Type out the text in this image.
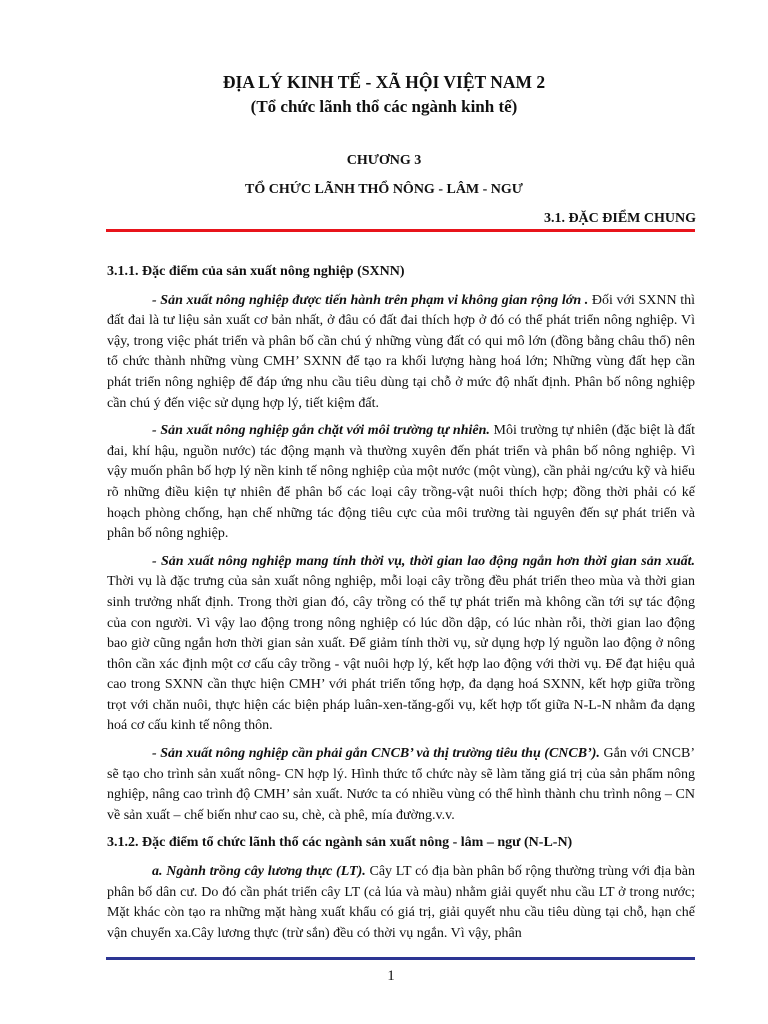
ĐỊA LÝ KINH TẾ - XÃ HỘI VIỆT NAM 2
(Tổ chức lãnh thổ các ngành kinh tế)
CHƯƠNG 3
TỔ CHỨC LÃNH THỔ NÔNG - LÂM - NGƯ
3.1. ĐẶC ĐIỂM CHUNG

3.1.1. Đặc điểm của sản xuất nông nghiệp (SXNN)

- Sản xuất nông nghiệp được tiến hành trên phạm vi không gian rộng lớn . Đối với SXNN thì đất đai là tư liệu sản xuất cơ bản nhất, ở đâu có đất đai thích hợp ở đó có thể phát triển nông nghiệp. Vì vậy, trong việc phát triển và phân bố cần chú ý những vùng đất có qui mô lớn (đồng bằng châu thổ) nên tổ chức thành những vùng CMH’ SXNN để tạo ra khối lượng hàng hoá lớn; Những vùng đất hẹp cần phát triển nông nghiệp để đáp ứng nhu cầu tiêu dùng tại chỗ ở mức độ nhất định. Phân bố nông nghiệp cần chú ý đến việc sử dụng hợp lý, tiết kiệm đất.

- Sản xuất nông nghiệp gắn chặt với môi trường tự nhiên. Môi trường tự nhiên (đặc biệt là đất đai, khí hậu, nguồn nước) tác động mạnh và thường xuyên đến phát triển và phân bố nông nghiệp. Vì vậy muốn phân bố hợp lý nền kinh tế nông nghiệp của một nước (một vùng), cần phải ng/cứu kỹ và hiểu rõ những điều kiện tự nhiên để phân bố các loại cây trồng-vật nuôi thích hợp; đồng thời phải có kế hoạch phòng chống, hạn chế những tác động tiêu cực của môi trường tài nguyên đến sự phát triển và phân bố nông nghiệp.

- Sản xuất nông nghiệp mang tính thời vụ, thời gian lao động ngắn hơn thời gian sản xuất. Thời vụ là đặc trưng của sản xuất nông nghiệp, mỗi loại cây trồng đều phát triển theo mùa và thời gian sinh trưởng nhất định. Trong thời gian đó, cây trồng có thể tự phát triển mà không cần tới sự tác động của con người. Vì vậy lao động trong nông nghiệp có lúc dồn dập, có lúc nhàn rỗi, thời gian lao động bao giờ cũng ngắn hơn thời gian sản xuất. Để giảm tính thời vụ, sử dụng hợp lý nguồn lao động ở nông thôn cần xác định một cơ cấu cây trồng - vật nuôi hợp lý, kết hợp lao động với thời vụ. Để đạt hiệu quả cao trong SXNN cần thực hiện CMH’ với phát triển tổng hợp, đa dạng hoá SXNN, kết hợp giữa trồng trọt với chăn nuôi, thực hiện các biện pháp luân-xen-tăng-gối vụ, kết hợp tốt giữa N-L-N nhằm đa dạng hoá cơ cấu kinh tế nông thôn.

- Sản xuất nông nghiệp cần phải gắn CNCB’ và thị trường tiêu thụ (CNCB’). Gắn với CNCB’ sẽ tạo cho trình sản xuất nông- CN hợp lý. Hình thức tổ chức này sẽ làm tăng giá trị của sản phẩm nông nghiệp, nâng cao trình độ CMH’ sản xuất. Nước ta có nhiều vùng có thể hình thành chu trình nông – CN về sản xuất – chế biến như cao su, chè, cà phê, mía đường.v.v.

3.1.2. Đặc điểm tổ chức lãnh thổ các ngành sản xuất nông - lâm – ngư (N-L-N)

a. Ngành trồng cây lương thực (LT). Cây LT có địa bàn phân bố rộng thường trùng với địa bàn phân bố dân cư. Do đó cần phát triển cây LT (cả lúa và màu) nhằm giải quyết nhu cầu LT ở trong nước; Mặt khác còn tạo ra những mặt hàng xuất khẩu có giá trị, giải quyết nhu cầu tiêu dùng tại chỗ, hạn chế vận chuyển xa.Cây lương thực (trừ sắn) đều có thời vụ ngắn. Vì vậy, phân

1
